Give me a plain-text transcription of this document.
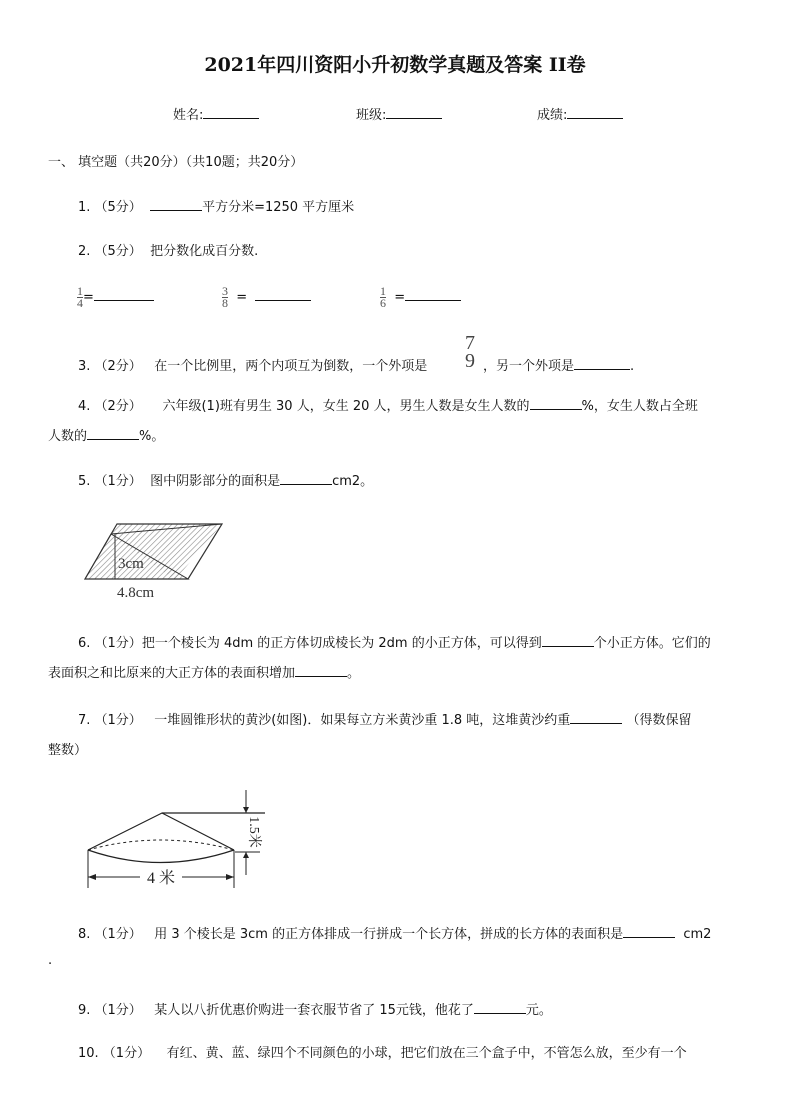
2021年四川资阳小升初数学真题及答案 II卷
姓名:	班级:	成绩:
一、 填空题（共20分）（共10题；共20分）
1. （5分）	平方分米=1250 平方厘米
2. （5分） 把分数化成百分数.
$\frac{1}{4}=$	$\frac{3}{8}$ =	$\frac{1}{6}$ =
3. （2分） 在一个比例里，两个内项互为倒数，一个外项是
7
9 ，另一个外项是	.
4. （2分） 六年级(1)班有男生 30 人，女生 20 人，男生人数是女生人数的	%，女生人数占全班
人数的	%。
5. （1分） 图中阴影部分的面积是	cm2。
3cm
4.8cm
6. （1分）把一个棱长为 4dm 的正方体切成棱长为 2dm 的小正方体，可以得到	个小正方体。它们的
表面积之和比原来的大正方体的表面积增加	。
7. （1分） 一堆圆锥形状的黄沙(如图)．如果每立方米黄沙重 1.8 吨，这堆黄沙约重	（得数保留
整数）
1.5米
4 米
8. （1分） 用 3 个棱长是 3cm 的正方体排成一行拼成一个长方体，拼成的长方体的表面积是	cm2
.
9. （1分） 某人以八折优惠价购进一套衣服节省了 15元钱，他花了	元。
10. （1分） 有红、黄、蓝、绿四个不同颜色的小球，把它们放在三个盒子中，不管怎么放，至少有一个
